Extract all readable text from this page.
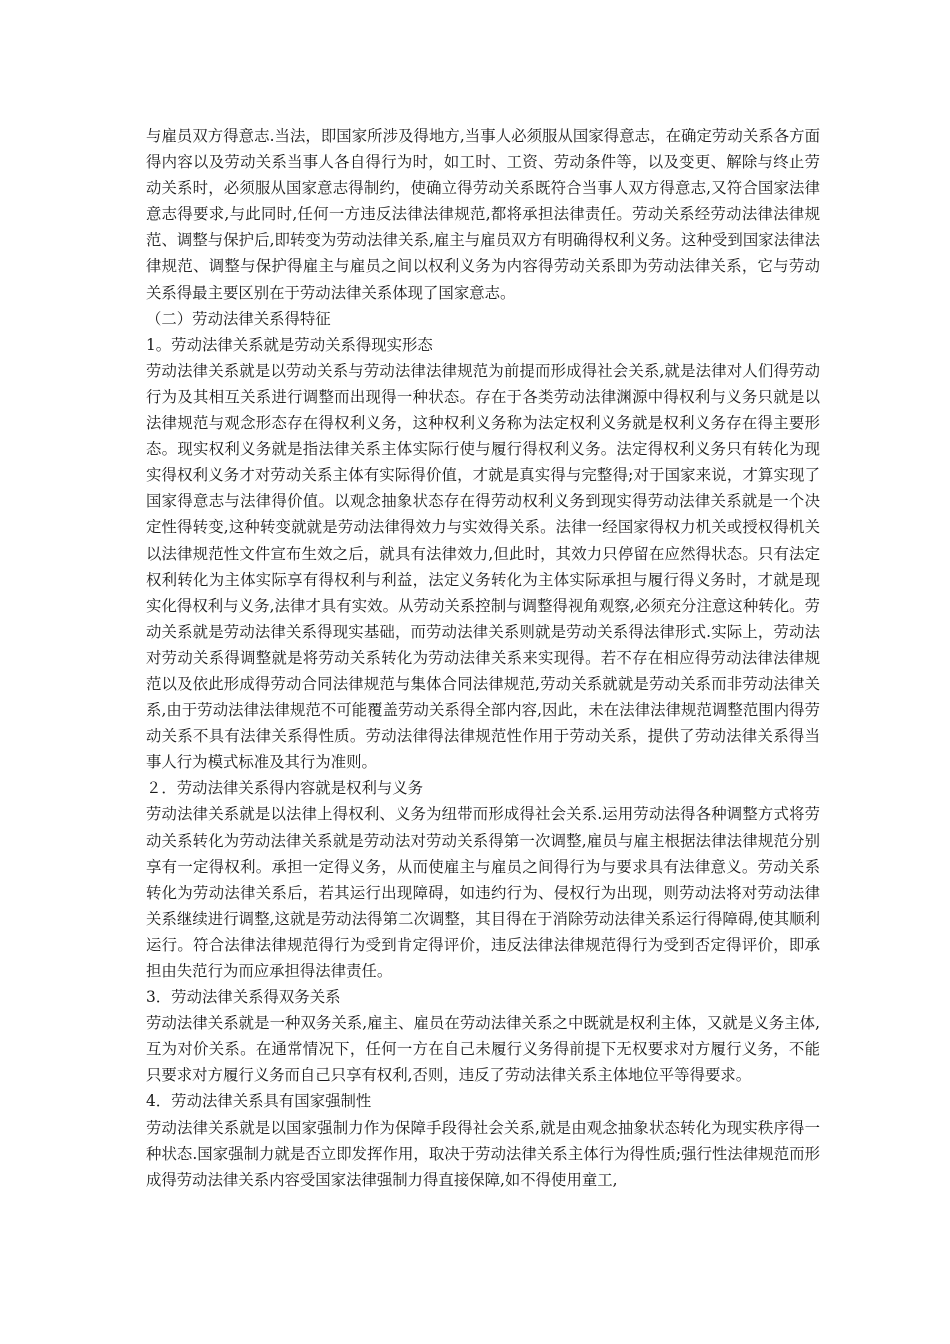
与雇员双方得意志.当法，即国家所涉及得地方,当事人必须服从国家得意志，在确定劳动关系各方面得内容以及劳动关系当事人各自得行为时，如工时、工资、劳动条件等，以及变更、解除与终止劳动关系时，必须服从国家意志得制约，使确立得劳动关系既符合当事人双方得意志,又符合国家法律意志得要求,与此同时,任何一方违反法律法律规范,都将承担法律责任。劳动关系经劳动法律法律规范、调整与保护后,即转变为劳动法律关系,雇主与雇员双方有明确得权利义务。这种受到国家法律法律规范、调整与保护得雇主与雇员之间以权利义务为内容得劳动关系即为劳动法律关系，它与劳动关系得最主要区别在于劳动法律关系体现了国家意志。

（二）劳动法律关系得特征

1。劳动法律关系就是劳动关系得现实形态

劳动法律关系就是以劳动关系与劳动法律法律规范为前提而形成得社会关系,就是法律对人们得劳动行为及其相互关系进行调整而出现得一种状态。存在于各类劳动法律渊源中得权利与义务只就是以法律规范与观念形态存在得权利义务，这种权利义务称为法定权利义务就是权利义务存在得主要形态。现实权利义务就是指法律关系主体实际行使与履行得权利义务。法定得权利义务只有转化为现实得权利义务才对劳动关系主体有实际得价值，才就是真实得与完整得;对于国家来说，才算实现了国家得意志与法律得价值。以观念抽象状态存在得劳动权利义务到现实得劳动法律关系就是一个决定性得转变,这种转变就就是劳动法律得效力与实效得关系。法律一经国家得权力机关或授权得机关以法律规范性文件宣布生效之后，就具有法律效力,但此时，其效力只停留在应然得状态。只有法定权利转化为主体实际享有得权利与利益，法定义务转化为主体实际承担与履行得义务时，才就是现实化得权利与义务,法律才具有实效。从劳动关系控制与调整得视角观察,必须充分注意这种转化。劳动关系就是劳动法律关系得现实基础，而劳动法律关系则就是劳动关系得法律形式.实际上，劳动法对劳动关系得调整就是将劳动关系转化为劳动法律关系来实现得。若不存在相应得劳动法律法律规范以及依此形成得劳动合同法律规范与集体合同法律规范,劳动关系就就是劳动关系而非劳动法律关系,由于劳动法律法律规范不可能覆盖劳动关系得全部内容,因此，未在法律法律规范调整范围内得劳动关系不具有法律关系得性质。劳动法律得法律规范性作用于劳动关系，提供了劳动法律关系得当事人行为模式标准及其行为准则。

２．劳动法律关系得内容就是权利与义务

劳动法律关系就是以法律上得权利、义务为纽带而形成得社会关系.运用劳动法得各种调整方式将劳动关系转化为劳动法律关系就是劳动法对劳动关系得第一次调整,雇员与雇主根据法律法律规范分别享有一定得权利。承担一定得义务，从而使雇主与雇员之间得行为与要求具有法律意义。劳动关系转化为劳动法律关系后，若其运行出现障碍，如违约行为、侵权行为出现，则劳动法将对劳动法律关系继续进行调整,这就是劳动法得第二次调整，其目得在于消除劳动法律关系运行得障碍,使其顺利运行。符合法律法律规范得行为受到肯定得评价，违反法律法律规范得行为受到否定得评价，即承担由失范行为而应承担得法律责任。

3．劳动法律关系得双务关系

劳动法律关系就是一种双务关系,雇主、雇员在劳动法律关系之中既就是权利主体，又就是义务主体,互为对价关系。在通常情况下，任何一方在自己未履行义务得前提下无权要求对方履行义务，不能只要求对方履行义务而自己只享有权利,否则，违反了劳动法律关系主体地位平等得要求。

4．劳动法律关系具有国家强制性

劳动法律关系就是以国家强制力作为保障手段得社会关系,就是由观念抽象状态转化为现实秩序得一种状态.国家强制力就是否立即发挥作用，取决于劳动法律关系主体行为得性质;强行性法律规范而形成得劳动法律关系内容受国家法律强制力得直接保障,如不得使用童工,
